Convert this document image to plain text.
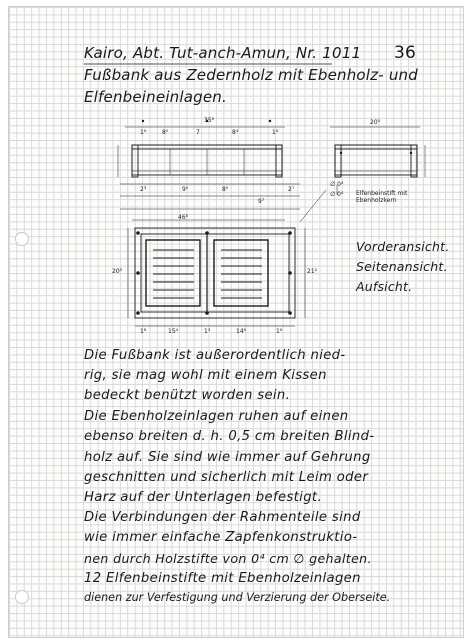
Kairo, Abt. Tut-anch-Amun, Nr. 1011 36
Fußbank aus Zedernholz mit Ebenholz- und
Elfenbeineinlagen.
35⁸
1⁶	8⁰	7	8⁴	1⁶
20⁵
46⁸
2³	9⁰	8⁵
9⁷
2⁷
20³	21²
1⁸	15⁴	1³	14⁶	1⁶
∅ 0⁴
∅ 0⁴ Elfenbeinstift mit Ebenholzkern
Vorderansicht.
Seitenansicht.
Aufsicht.
Die Fußbank ist außerordentlich nied-
rig, sie mag wohl mit einem Kissen
bedeckt benützt worden sein.
Die Ebenholzeinlagen ruhen auf einen
ebenso breiten d. h. 0,5 cm breiten Blind-
holz auf. Sie sind wie immer auf Gehrung
geschnitten und sicherlich mit Leim oder
Harz auf der Unterlagen befestigt.
Die Verbindungen der Rahmenteile sind
wie immer einfache Zapfenkonstruktio-
nen durch Holzstifte von 0⁴ cm ∅ gehalten.
12 Elfenbeinstifte mit Ebenholzeinlagen
dienen zur Verfestigung und Verzierung der Oberseite.
